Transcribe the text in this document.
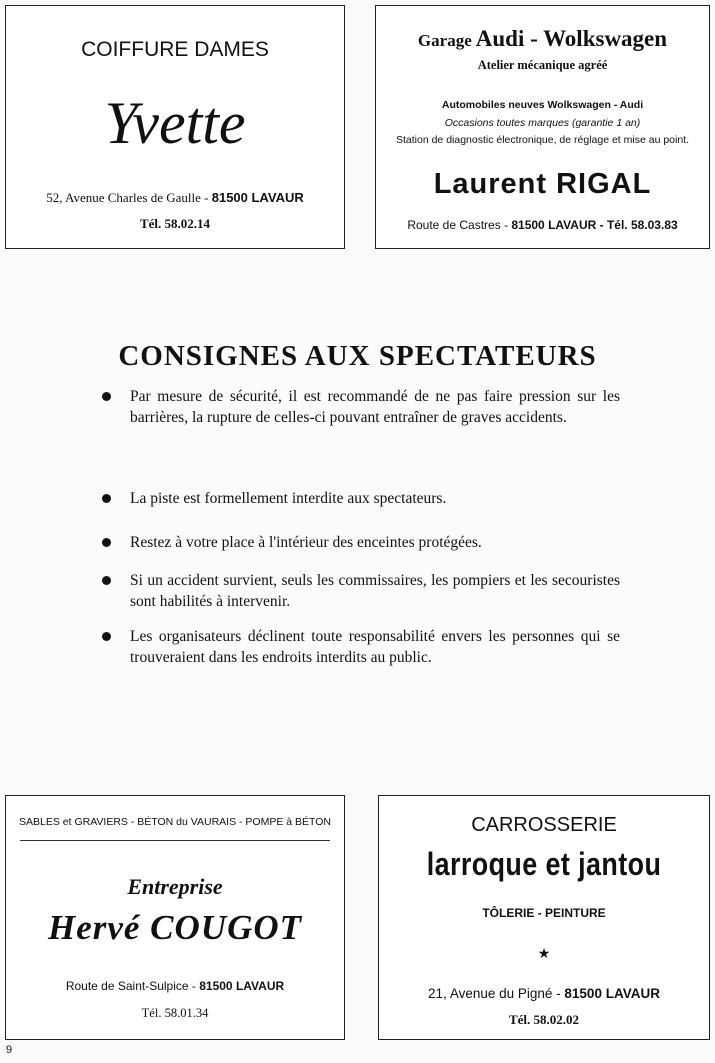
COIFFURE DAMES
Yvette
52, Avenue Charles de Gaulle - 81500 LAVAUR
Tél. 58.02.14
Garage Audi - Wolkswagen
Atelier mécanique agréé
Automobiles neuves Wolkswagen - Audi
Occasions toutes marques (garantie 1 an)
Station de diagnostic électronique, de réglage et mise au point.
Laurent RIGAL
Route de Castres - 81500 LAVAUR - Tél. 58.03.83
CONSIGNES AUX SPECTATEURS
Par mesure de sécurité, il est recommandé de ne pas faire pression sur les barrières, la rupture de celles-ci pouvant entraîner de graves accidents.
La piste est formellement interdite aux spectateurs.
Restez à votre place à l'intérieur des enceintes protégées.
Si un accident survient, seuls les commissaires, les pompiers et les secouristes sont habilités à intervenir.
Les organisateurs déclinent toute responsabilité envers les personnes qui se trouveraient dans les endroits interdits au public.
SABLES et GRAVIERS - BÉTON du VAURAIS - POMPE à BÉTON
Entreprise
Hervé COUGOT
Route de Saint-Sulpice - 81500 LAVAUR
Tél. 58.01.34
CARROSSERIE
larroque et jantou
TÔLERIE - PEINTURE
★
21, Avenue du Pigné - 81500 LAVAUR
Tél. 58.02.02
9
